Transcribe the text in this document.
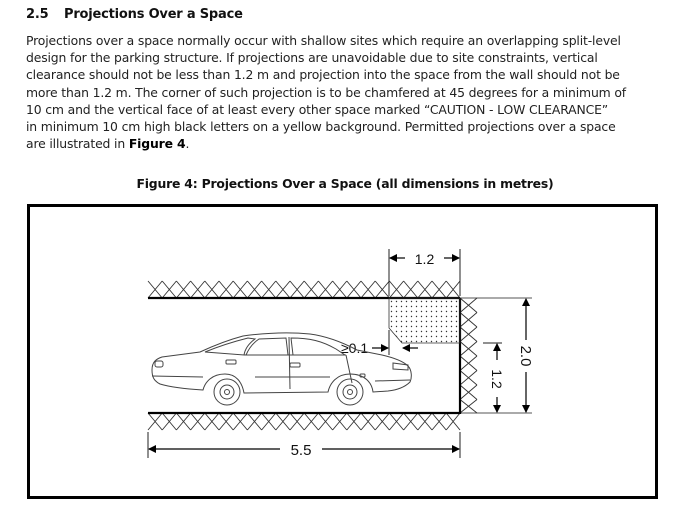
2.5 Projections Over a Space
Projections over a space normally occur with shallow sites which require an overlapping split-level
design for the parking structure. If projections are unavoidable due to site constraints, vertical
clearance should not be less than 1.2 m and projection into the space from the wall should not be
more than 1.2 m. The corner of such projection is to be chamfered at 45 degrees for a minimum of
10 cm and the vertical face of at least every other space marked “CAUTION - LOW CLEARANCE”
in minimum 10 cm high black letters on a yellow background. Permitted projections over a space
are illustrated in Figure 4.
Figure 4: Projections Over a Space (all dimensions in metres)
1.2
≥0.1
5.5
2.0
1.2
